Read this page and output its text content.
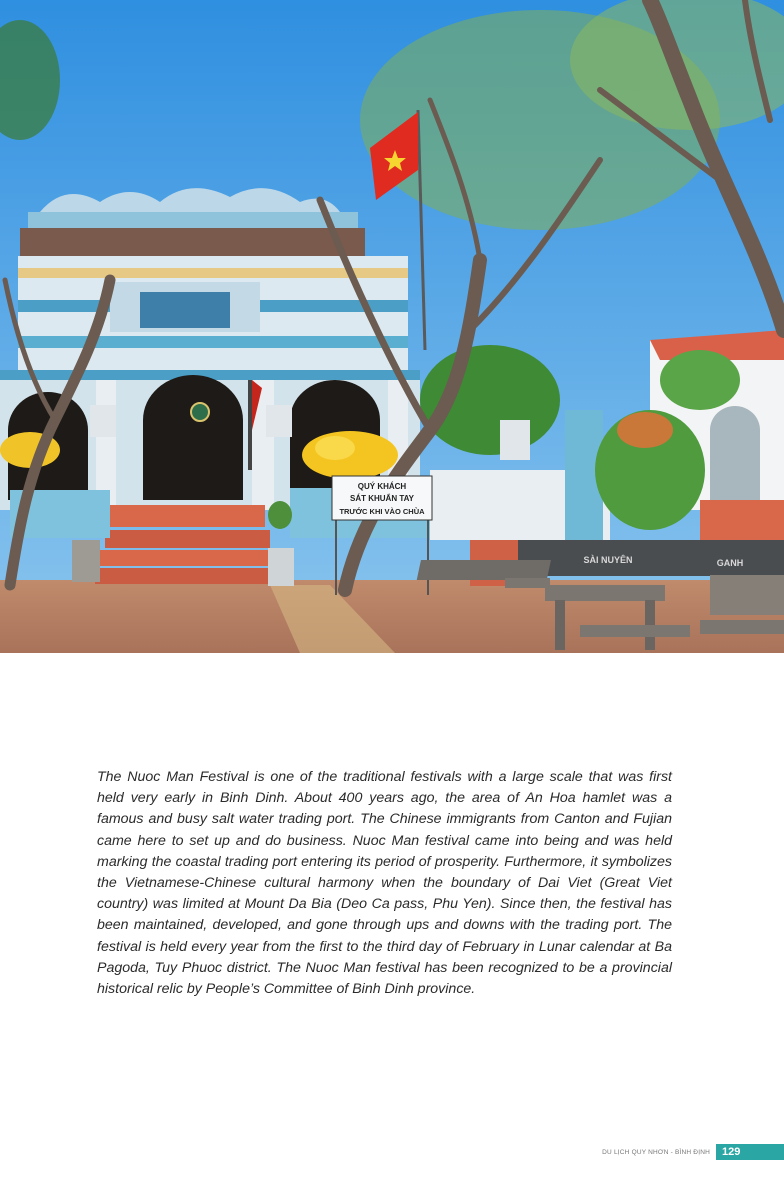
QUÝ KHÁCH
SÁT KHUẨN TAY
TRƯỚC KHI VÀO CHÙA
SÀI NUYÊN	GANH

The Nuoc Man Festival is one of the traditional festivals with a large scale that was first held very early in Binh Dinh. About 400 years ago, the area of An Hoa hamlet was a famous and busy salt water trading port. The Chinese immigrants from Canton and Fujian came here to set up and do business. Nuoc Man festival came into being and was held marking the coastal trading port entering its period of prosperity. Furthermore, it symbolizes the Vietnamese-Chinese cultural harmony when the boundary of Dai Viet (Great Viet country) was limited at Mount Da Bia (Deo Ca pass, Phu Yen). Since then, the festival has been maintained, developed, and gone through ups and downs with the trading port. The festival is held every year from the first to the third day of February in Lunar calendar at Ba Pagoda, Tuy Phuoc district. The Nuoc Man festival has been recognized to be a provincial historical relic by People’s Committee of Binh Dinh province.

DU LỊCH QUY NHƠN - BÌNH ĐỊNH	129
